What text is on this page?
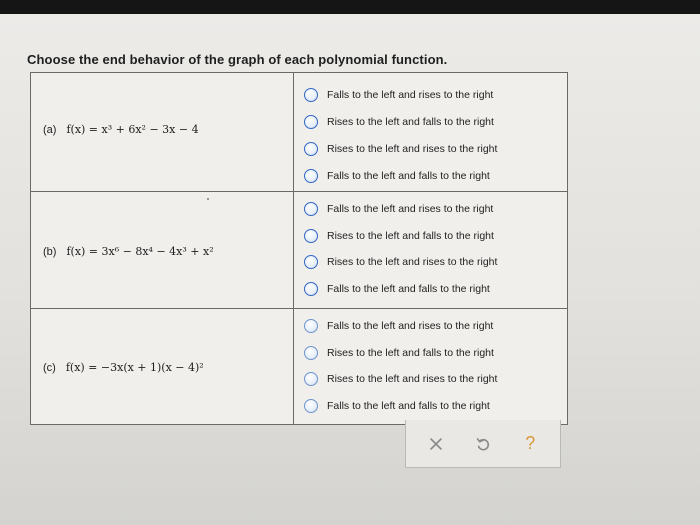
Choose the end behavior of the graph of each polynomial function.
(a) f(x) = x³ + 6x² − 3x − 4
Falls to the left and rises to the right
Rises to the left and falls to the right
Rises to the left and rises to the right
Falls to the left and falls to the right
(b) f(x) = 3x⁶ − 8x⁴ − 4x³ + x²
Falls to the left and rises to the right
Rises to the left and falls to the right
Rises to the left and rises to the right
Falls to the left and falls to the right
(c) f(x) = −3x(x + 1)(x − 4)²
Falls to the left and rises to the right
Rises to the left and falls to the right
Rises to the left and rises to the right
Falls to the left and falls to the right
?
